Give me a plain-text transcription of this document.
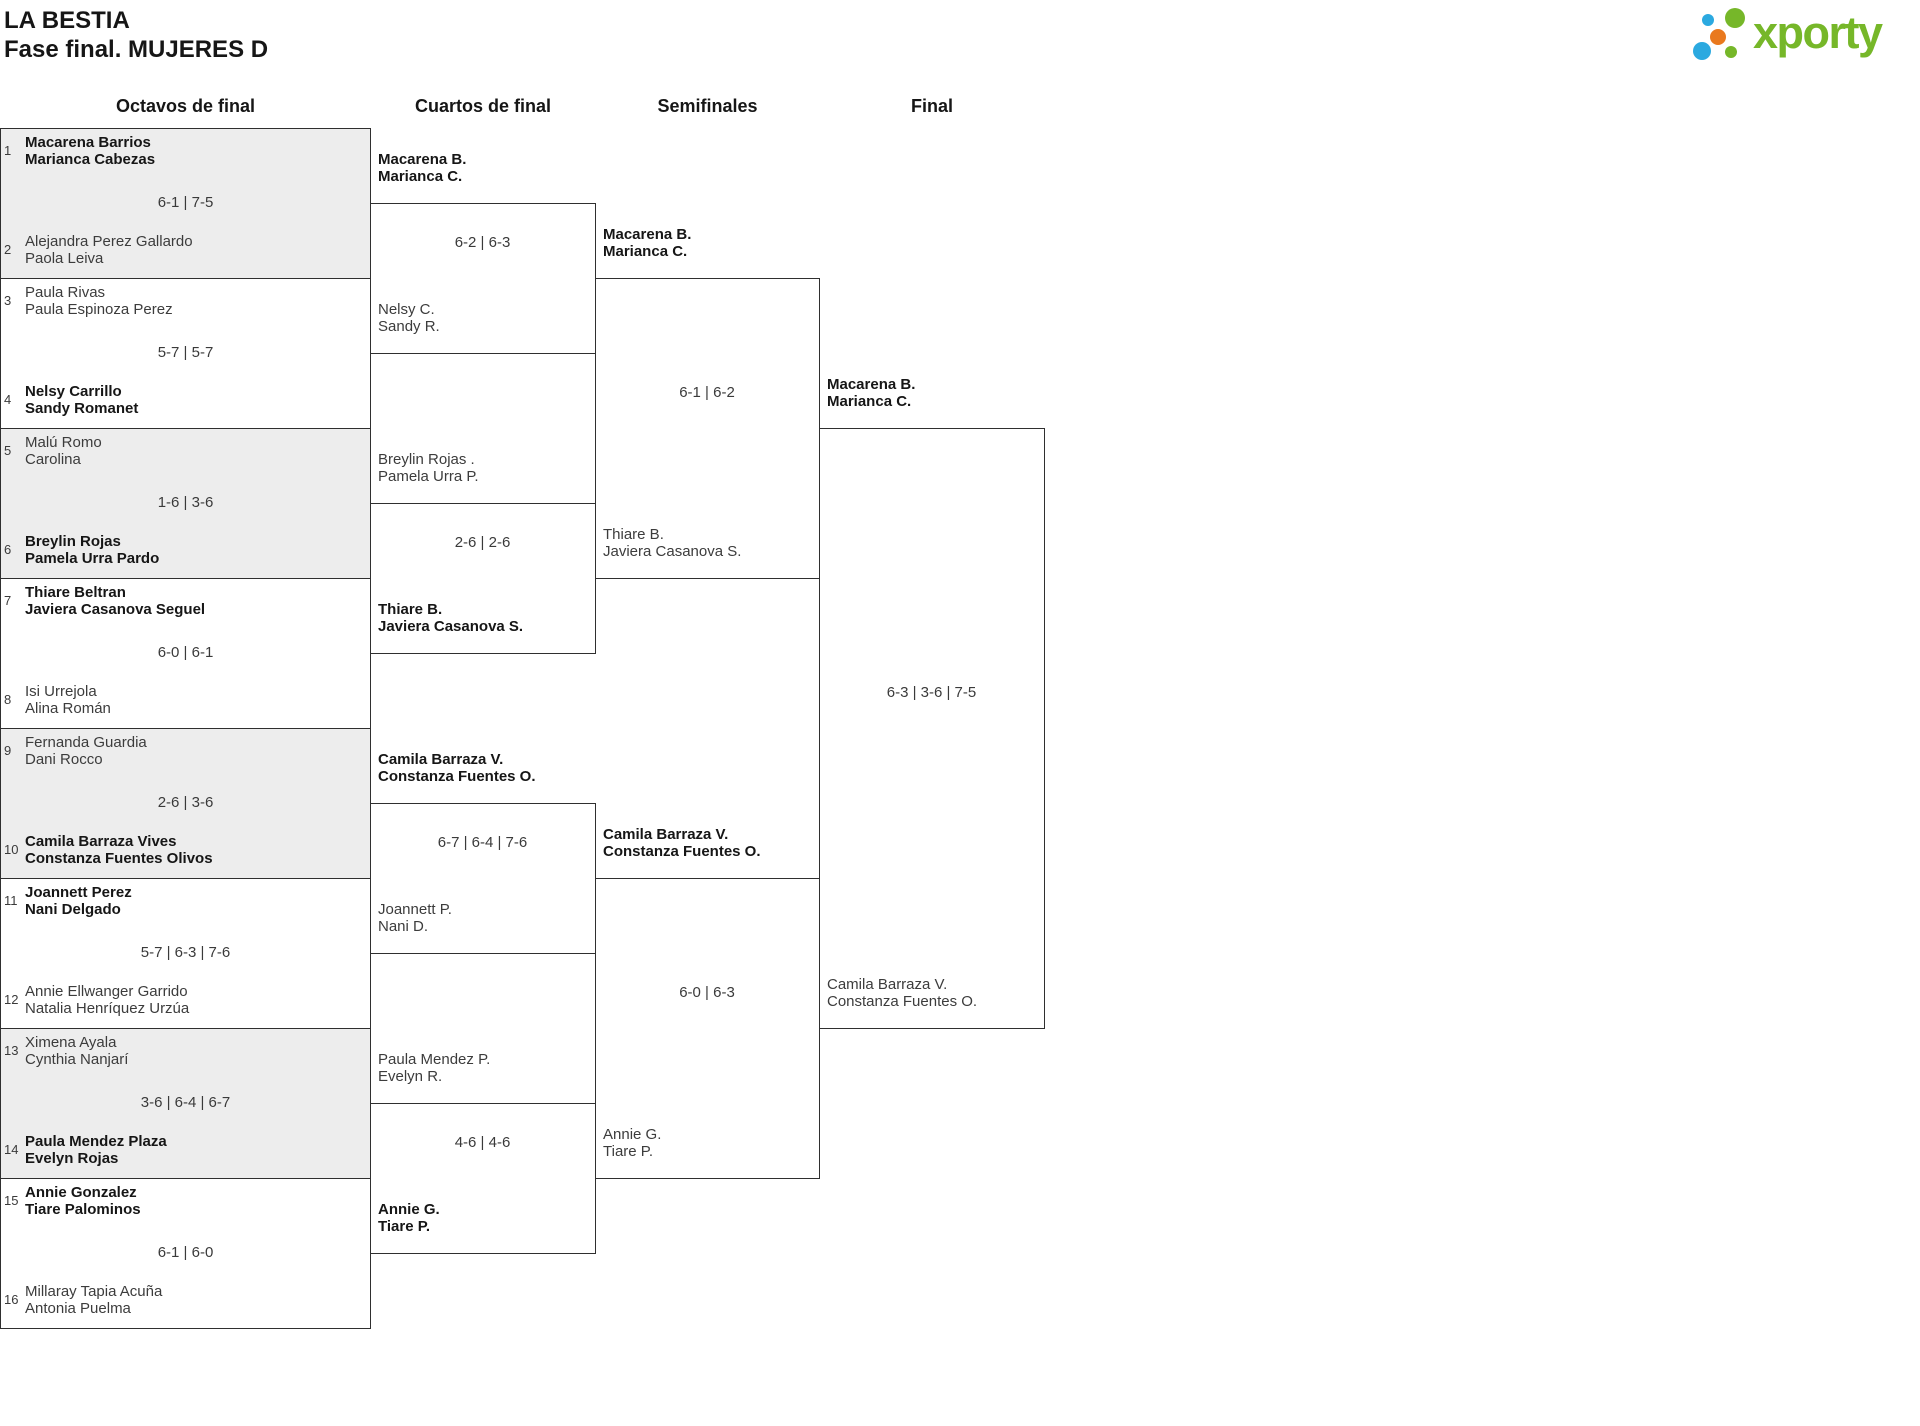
LA BESTIA
Fase final. MUJERES D	xporty
Octavos de final	Cuartos de final	Semifinales	Final
1
2
Macarena Barrios
Marianca Cabezas
Alejandra Perez Gallardo
Paola Leiva
6-1 | 7-5
3
4
Paula Rivas
Paula Espinoza Perez
Nelsy Carrillo
Sandy Romanet
5-7 | 5-7
5
6
Malú Romo
Carolina
Breylin Rojas
Pamela Urra Pardo
1-6 | 3-6
7
8
Thiare Beltran
Javiera Casanova Seguel
Isi Urrejola
Alina Román
6-0 | 6-1
9
10
Fernanda Guardia
Dani Rocco
Camila Barraza Vives
Constanza Fuentes Olivos
2-6 | 3-6
11
12
Joannett Perez
Nani Delgado
Annie Ellwanger Garrido
Natalia Henríquez Urzúa
5-7 | 6-3 | 7-6
13
14
Ximena Ayala
Cynthia Nanjarí
Paula Mendez Plaza
Evelyn Rojas
3-6 | 6-4 | 6-7
15
16
Annie Gonzalez
Tiare Palominos
Millaray Tapia Acuña
Antonia Puelma
6-1 | 6-0
Macarena B.
Marianca C.
Nelsy C.
Sandy R.
6-2 | 6-3
Breylin Rojas .
Pamela Urra P.
Thiare B.
Javiera Casanova S.
2-6 | 2-6
Camila Barraza V.
Constanza Fuentes O.
Joannett P.
Nani D.
6-7 | 6-4 | 7-6
Paula Mendez P.
Evelyn R.
Annie G.
Tiare P.
4-6 | 4-6
Macarena B.
Marianca C.
Thiare B.
Javiera Casanova S.
6-1 | 6-2
Camila Barraza V.
Constanza Fuentes O.
Annie G.
Tiare P.
6-0 | 6-3
Macarena B.
Marianca C.
Camila Barraza V.
Constanza Fuentes O.
6-3 | 3-6 | 7-5
